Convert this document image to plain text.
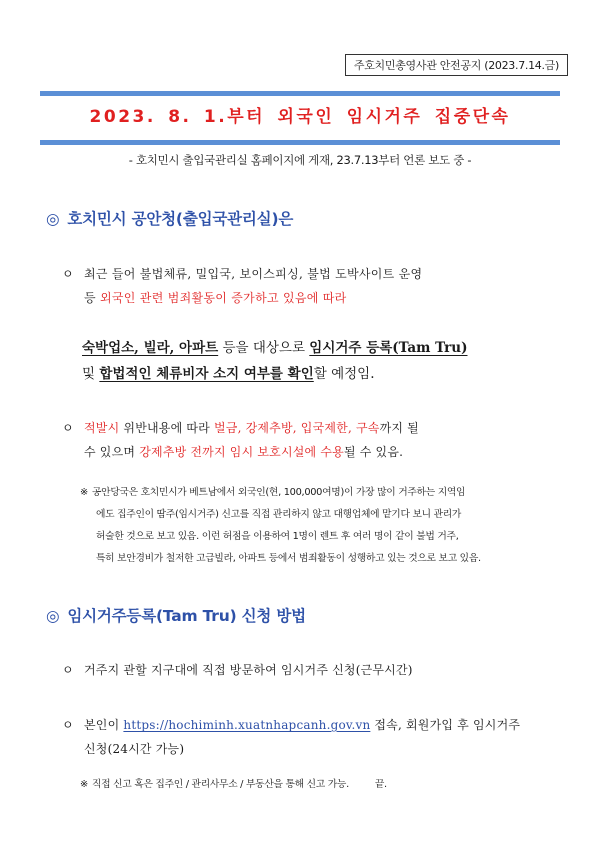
주호치민총영사관 안전공지 (2023.7.14.금)
2023. 8. 1.부터 외국인 임시거주 집중단속
- 호치민시 출입국관리실 홈페이지에 게재, 23.7.13부터 언론 보도 중 -
◎ 호치민시 공안청(출입국관리실)은
ㅇ 최근 들어 불법체류, 밀입국, 보이스피싱, 불법 도박사이트 운영
등 외국인 관련 범죄활동이 증가하고 있음에 따라
숙박업소, 빌라, 아파트 등을 대상으로 임시거주 등록(Tam Tru)
및 합법적인 체류비자 소지 여부를 확인할 예정임.
ㅇ 적발시 위반내용에 따라 벌금, 강제추방, 입국제한, 구속까지 될
수 있으며 강제추방 전까지 임시 보호시설에 수용될 수 있음.
※ 공안당국은 호치민시가 베트남에서 외국인(현, 100,000여명)이 가장 많이 거주하는 지역임
에도 집주인이 땀주(임시거주) 신고를 직접 관리하지 않고 대행업체에 맡기다 보니 관리가
허술한 것으로 보고 있음. 이런 허점을 이용하여 1명이 렌트 후 여러 명이 같이 불법 거주,
특히 보안경비가 철저한 고급빌라, 아파트 등에서 범죄활동이 성행하고 있는 것으로 보고 있음.
◎ 임시거주등록(Tam Tru) 신청 방법
ㅇ 거주지 관할 지구대에 직접 방문하여 임시거주 신청(근무시간)
ㅇ 본인이 https://hochiminh.xuatnhapcanh.gov.vn 접속, 회원가입 후 임시거주
신청(24시간 가능)
※ 직접 신고 혹은 집주인 / 관리사무소 / 부동산을 통해 신고 가능.	끝.
